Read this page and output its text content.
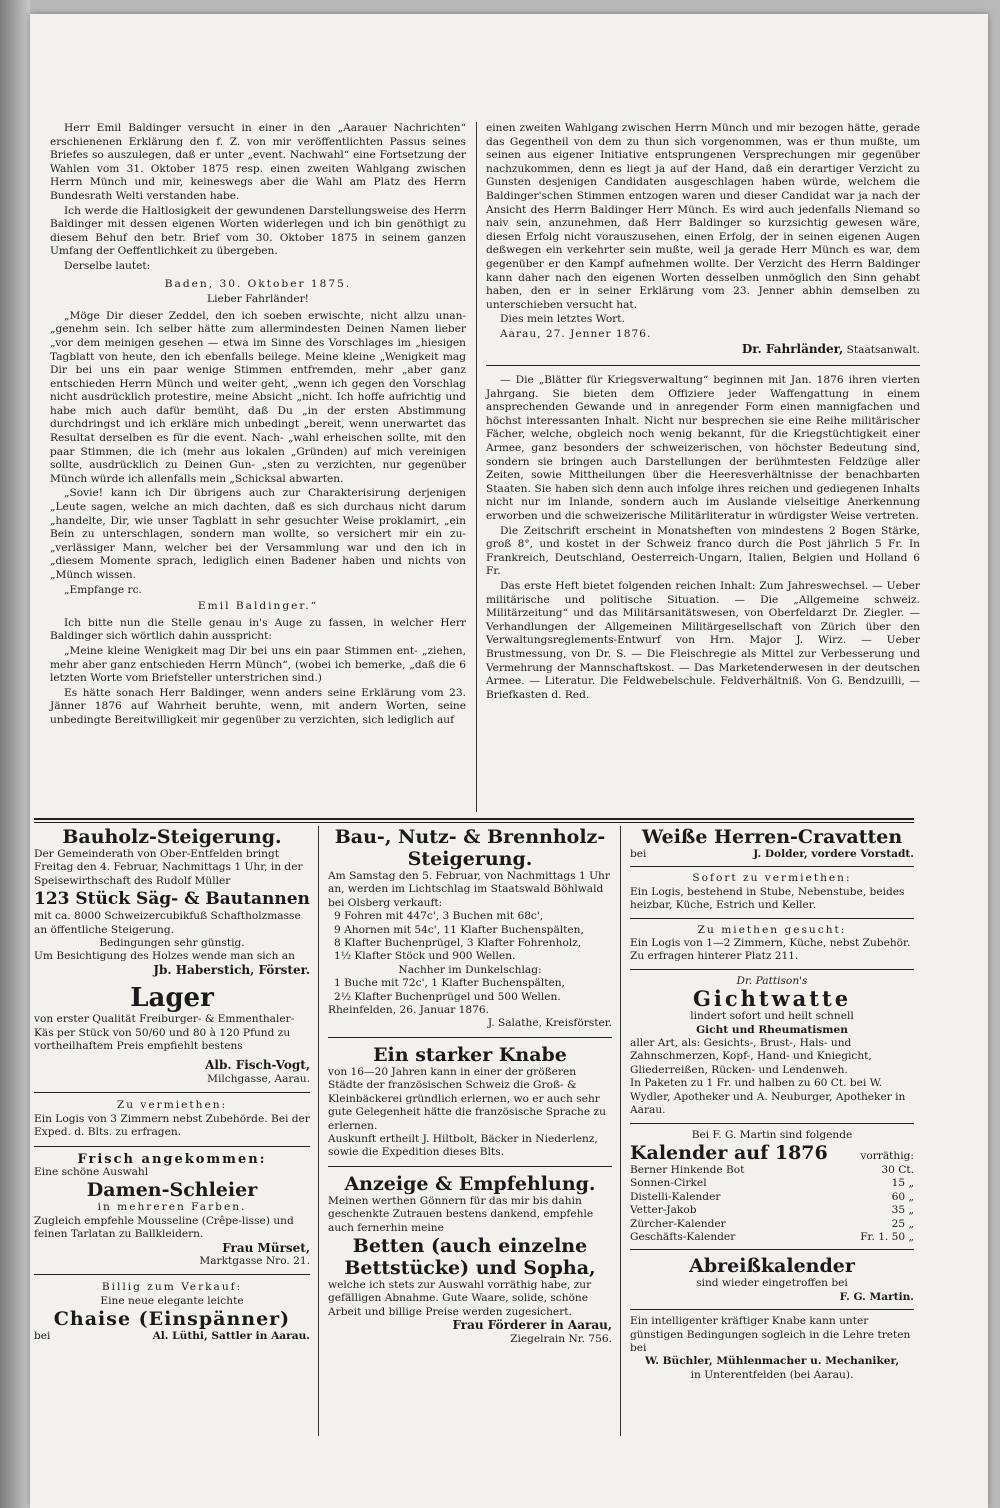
Herr Emil Baldinger versucht in einer in den „Aarauer Nachrichten“ erschienenen Erklärung den f. Z. von mir veröffentlichten Passus seines Briefes so auszulegen, daß er unter „event. Nachwahl“ eine Fortsetzung der Wahlen vom 31. Oktober 1875 resp. einen zweiten Wahlgang zwischen Herrn Münch und mir, keineswegs aber die Wahl am Platz des Herrn Bundesrath Welti verstanden habe.

Ich werde die Haltlosigkeit der gewundenen Darstellungsweise des Herrn Baldinger mit dessen eigenen Worten widerlegen und ich bin genöthigt zu diesem Behuf den betr. Brief vom 30. Oktober 1875 in seinem ganzen Umfang der Oeffentlichkeit zu übergeben.

Derselbe lautet:

Baden, 30. Oktober 1875.

Lieber Fahrländer!

„Möge Dir dieser Zeddel, den ich soeben erwischte, nicht allzu unan- „genehm sein. Ich selber hätte zum allermindesten Deinen Namen lieber „vor dem meinigen gesehen — etwa im Sinne des Vorschlages im „hiesigen Tagblatt von heute, den ich ebenfalls beilege. Meine kleine „Wenigkeit mag Dir bei uns ein paar wenige Stimmen entfremden, mehr „aber ganz entschieden Herrn Münch und weiter geht, „wenn ich gegen den Vorschlag nicht ausdrücklich protestire, meine Absicht „nicht. Ich hoffe aufrichtig und habe mich auch dafür bemüht, daß Du „in der ersten Abstimmung durchdringst und ich erkläre mich unbedingt „bereit, wenn unerwartet das Resultat derselben es für die event. Nach- „wahl erheischen sollte, mit den paar Stimmen, die ich (mehr aus lokalen „Gründen) auf mich vereinigen sollte, ausdrücklich zu Deinen Gun- „sten zu verzichten, nur gegenüber Münch würde ich allenfalls mein „Schicksal abwarten.

„Sovie! kann ich Dir übrigens auch zur Charakterisirung derjenigen „Leute sagen, welche an mich dachten, daß es sich durchaus nicht darum „handelte, Dir, wie unser Tagblatt in sehr gesuchter Weise proklamirt, „ein Bein zu unterschlagen, sondern man wollte, so versichert mir ein zu- „verlässiger Mann, welcher bei der Versammlung war und den ich in „diesem Momente sprach, lediglich einen Badener haben und nichts von „Münch wissen.

„Empfange rc.

Emil Baldinger.“

Ich bitte nun die Stelle genau in's Auge zu fassen, in welcher Herr Baldinger sich wörtlich dahin ausspricht:

„Meine kleine Wenigkeit mag Dir bei uns ein paar Stimmen ent- „ziehen, mehr aber ganz entschieden Herrn Münch“, (wobei ich bemerke, „daß die 6 letzten Worte vom Briefsteller unterstrichen sind.)

Es hätte sonach Herr Baldinger, wenn anders seine Erklärung vom 23. Jänner 1876 auf Wahrheit beruhte, wenn, mit andern Worten, seine unbedingte Bereitwilligkeit mir gegenüber zu verzichten, sich lediglich auf

einen zweiten Wahlgang zwischen Herrn Münch und mir bezogen hätte, gerade das Gegentheil von dem zu thun sich vorgenommen, was er thun mußte, um seinen aus eigener Initiative entsprungenen Versprechungen mir gegenüber nachzukommen, denn es liegt ja auf der Hand, daß ein derartiger Verzicht zu Gunsten desjenigen Candidaten ausgeschlagen haben würde, welchem die Baldinger'schen Stimmen entzogen waren und dieser Candidat war ja nach der Ansicht des Herrn Baldinger Herr Münch. Es wird auch jedenfalls Niemand so naiv sein, anzunehmen, daß Herr Baldinger so kurzsichtig gewesen wäre, diesen Erfolg nicht vorauszusehen, einen Erfolg, der in seinen eigenen Augen deßwegen ein verkehrter sein mußte, weil ja gerade Herr Münch es war, dem gegenüber er den Kampf aufnehmen wollte. Der Verzicht des Herrn Baldinger kann daher nach den eigenen Worten desselben unmöglich den Sinn gehabt haben, den er in seiner Erklärung vom 23. Jenner abhin demselben zu unterschieben versucht hat.

Dies mein letztes Wort.

Aarau, 27. Jenner 1876.

Dr. Fahrländer, Staatsanwalt.

— Die „Blätter für Kriegsverwaltung“ beginnen mit Jan. 1876 ihren vierten Jahrgang. Sie bieten dem Offiziere jeder Waffengattung in einem ansprechenden Gewande und in anregender Form einen mannigfachen und höchst interessanten Inhalt. Nicht nur besprechen sie eine Reihe militärischer Fächer, welche, obgleich noch wenig bekannt, für die Kriegstüchtigkeit einer Armee, ganz besonders der schweizerischen, von höchster Bedeutung sind, sondern sie bringen auch Darstellungen der berühmtesten Feldzüge aller Zeiten, sowie Mittheilungen über die Heeresverhältnisse der benachbarten Staaten. Sie haben sich denn auch infolge ihres reichen und gediegenen Inhalts nicht nur im Inlande, sondern auch im Auslande vielseitige Anerkennung erworben und die schweizerische Militärliteratur in würdigster Weise vertreten.

Die Zeitschrift erscheint in Monatsheften von mindestens 2 Bogen Stärke, groß 8°, und kostet in der Schweiz franco durch die Post jährlich 5 Fr. In Frankreich, Deutschland, Oesterreich-Ungarn, Italien, Belgien und Holland 6 Fr.

Das erste Heft bietet folgenden reichen Inhalt: Zum Jahreswechsel. — Ueber militärische und politische Situation. — Die „Allgemeine schweiz. Militärzeitung“ und das Militärsanitätswesen, von Oberfeldarzt Dr. Ziegler. — Verhandlungen der Allgemeinen Militärgesellschaft von Zürich über den Verwaltungsreglements-Entwurf von Hrn. Major J. Wirz. — Ueber Brustmessung, von Dr. S. — Die Fleischregie als Mittel zur Verbesserung und Vermehrung der Mannschaftskost. — Das Marketenderwesen in der deutschen Armee. — Literatur. Die Feldwebelschule. Feldverhältniß. Von G. Bendzuilli, — Briefkasten d. Red.

Bauholz-Steigerung.
Der Gemeinderath von Ober-Entfelden bringt Freitag den 4. Februar, Nachmittags 1 Uhr, in der Speisewirthschaft des Rudolf Müller
123 Stück Säg- & Bautannen
mit ca. 8000 Schweizercubikfuß Schaftholzmasse an öffentliche Steigerung.
Bedingungen sehr günstig.
Um Besichtigung des Holzes wende man sich an
Jb. Haberstich, Förster.
Lager
von erster Qualität Freiburger- & Emmenthaler-Käs per Stück von 50/60 und 80 à 120 Pfund zu vortheilhaftem Preis empfiehlt bestens
Alb. Fisch-Vogt,
Milchgasse, Aarau.
Zu vermiethen:
Ein Logis von 3 Zimmern nebst Zubehörde. Bei der Exped. d. Blts. zu erfragen.
Frisch angekommen:
Eine schöne Auswahl
Damen-Schleier
in mehreren Farben.
Zugleich empfehle Mousseline (Crêpe-lisse) und feinen Tarlatan zu Ballkleidern.
Frau Mürset,
Marktgasse Nro. 21.
Billig zum Verkauf:
Eine neue elegante leichte
Chaise (Einspänner)
bei	Al. Lüthi, Sattler in Aarau.
Bau-, Nutz- & Brennholz-Steigerung.
Am Samstag den 5. Februar, von Nachmittags 1 Uhr an, werden im Lichtschlag im Staatswald Böhlwald bei Olsberg verkauft:
9 Fohren mit 447c', 3 Buchen mit 68c',
9 Ahornen mit 54c', 11 Klafter Buchenspälten,
8 Klafter Buchenprügel, 3 Klafter Fohrenholz,
1½ Klafter Stöck und 900 Wellen.
Nachher im Dunkelschlag:
1 Buche mit 72c', 1 Klafter Buchenspälten,
2½ Klafter Buchenprügel und 500 Wellen.
Rheinfelden, 26. Januar 1876.
J. Salathe, Kreisförster.
Ein starker Knabe
von 16—20 Jahren kann in einer der größeren Städte der französischen Schweiz die Groß- & Kleinbäckerei gründlich erlernen, wo er auch sehr gute Gelegenheit hätte die französische Sprache zu erlernen.
Auskunft ertheilt J. Hiltbolt, Bäcker in Niederlenz, sowie die Expedition dieses Blts.
Anzeige & Empfehlung.
Meinen werthen Gönnern für das mir bis dahin geschenkte Zutrauen bestens dankend, empfehle auch fernerhin meine
Betten (auch einzelne Bettstücke) und Sopha,
welche ich stets zur Auswahl vorräthig habe, zur gefälligen Abnahme. Gute Waare, solide, schöne Arbeit und billige Preise werden zugesichert.
Frau Förderer in Aarau,
Ziegelrain Nr. 756.
Weiße Herren-Cravatten
bei	J. Dolder, vordere Vorstadt.
Sofort zu vermiethen:
Ein Logis, bestehend in Stube, Nebenstube, beides heizbar, Küche, Estrich und Keller.
Zu miethen gesucht:
Ein Logis von 1—2 Zimmern, Küche, nebst Zubehör. Zu erfragen hinterer Platz 211.
Dr. Pattison's
Gichtwatte
lindert sofort und heilt schnell
Gicht und Rheumatismen
aller Art, als: Gesichts-, Brust-, Hals- und Zahnschmerzen, Kopf-, Hand- und Kniegicht, Gliederreißen, Rücken- und Lendenweh.
In Paketen zu 1 Fr. und halben zu 60 Ct. bei W. Wydler, Apotheker und A. Neuburger, Apotheker in Aarau.
Bei F. G. Martin sind folgende
Kalender auf 1876	vorräthig:
Berner Hinkende Bot	30 Ct.
Sonnen-Cirkel	15 „
Distelli-Kalender	60 „
Vetter-Jakob	35 „
Zürcher-Kalender	25 „
Geschäfts-Kalender	Fr. 1. 50 „
Abreißkalender
sind wieder eingetroffen bei
F. G. Martin.
Ein intelligenter kräftiger Knabe kann unter günstigen Bedingungen sogleich in die Lehre treten bei
W. Büchler, Mühlenmacher u. Mechaniker,
in Unterentfelden (bei Aarau).
